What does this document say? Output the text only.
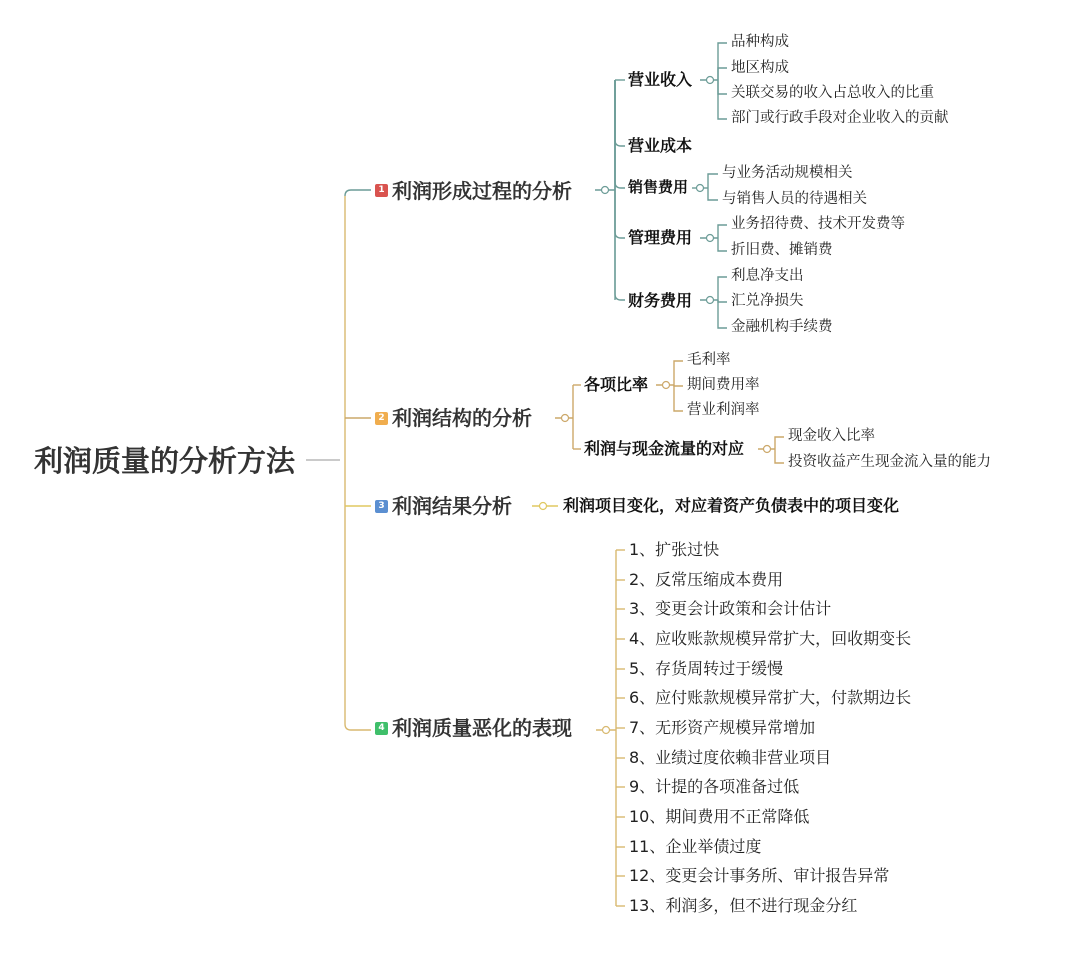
利润质量的分析方法
1 利润形成过程的分析
营业收入
品种构成
地区构成
关联交易的收入占总收入的比重
部门或行政手段对企业收入的贡献
营业成本
销售费用
与业务活动规模相关
与销售人员的待遇相关
管理费用
业务招待费、技术开发费等
折旧费、摊销费
财务费用
利息净支出
汇兑净损失
金融机构手续费
2 利润结构的分析
各项比率
毛利率
期间费用率
营业利润率
利润与现金流量的对应
现金收入比率
投资收益产生现金流入量的能力
3 利润结果分析	利润项目变化，对应着资产负债表中的项目变化
4 利润质量恶化的表现
1、扩张过快
2、反常压缩成本费用
3、变更会计政策和会计估计
4、应收账款规模异常扩大，回收期变长
5、存货周转过于缓慢
6、应付账款规模异常扩大，付款期边长
7、无形资产规模异常增加
8、业绩过度依赖非营业项目
9、计提的各项准备过低
10、期间费用不正常降低
11、企业举债过度
12、变更会计事务所、审计报告异常
13、利润多，但不进行现金分红
